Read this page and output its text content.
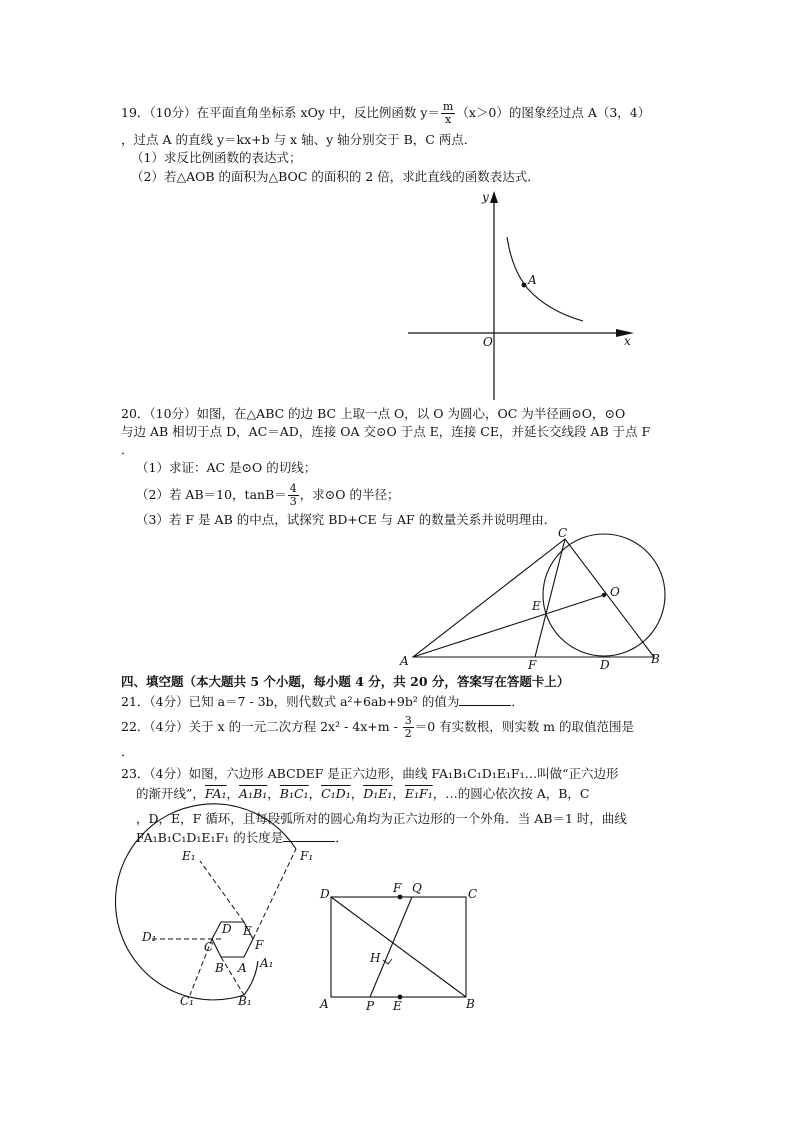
19．（10分）在平面直角坐标系 xOy 中，反比例函数 $y= \frac{m}{x} (x>0)$的图象经过点 A（3，4）
，过点 A 的直线 y＝kx+b 与 x 轴、y 轴分别交于 B，C 两点．
（1）求反比例函数的表达式；
（2）若△AOB 的面积为△BOC 的面积的 2 倍，求此直线的函数表达式．
y
x
O
A
20．（10分）如图，在△ABC 的边 BC 上取一点 O，以 O 为圆心，OC 为半径画⊙O，⊙O
与边 AB 相切于点 D，AC＝AD，连接 OA 交⊙O 于点 E，连接 CE，并延长交线段 AB 于点 F
．
（1）求证：AC 是⊙O 的切线；
（2）若 AB＝10，$\tan B= \frac{4}{3}$ ，求⊙O 的半径；
（3）若 F 是 AB 的中点，试探究 BD+CE 与 AF 的数量关系并说明理由．
C
O
E
A	F	D	B
四、填空题（本大题共 5 个小题，每小题 4 分，共 20 分，答案写在答题卡上）
21．（4分）已知 a＝7 - 3b，则代数式 a²+6ab+9b² 的值为	．
22．（4分）关于 x 的一元二次方程 $2x^2 - 4x+m - \frac{3}{2} =0$ 有实数根，则实数 m 的取值范围是
．
23．（4分）如图，六边形 ABCDEF 是正六边形，曲线 FA₁B₁C₁D₁E₁F₁…叫做“正六边形
的渐开线”，FA₁，A₁B₁，B₁C₁，C₁D₁，D₁E₁，E₁F₁，…的圆心依次按 A，B，C
，D，E，F 循环，且每段弧所对的圆心角均为正六边形的一个外角．当 AB＝1 时，曲线
FA₁B₁C₁D₁E₁F₁ 的长度是	．
E₁	F₁
D₁
D E
C	F
B A A₁
C₁	B₁
D	F Q	C
H
A	P E	B
